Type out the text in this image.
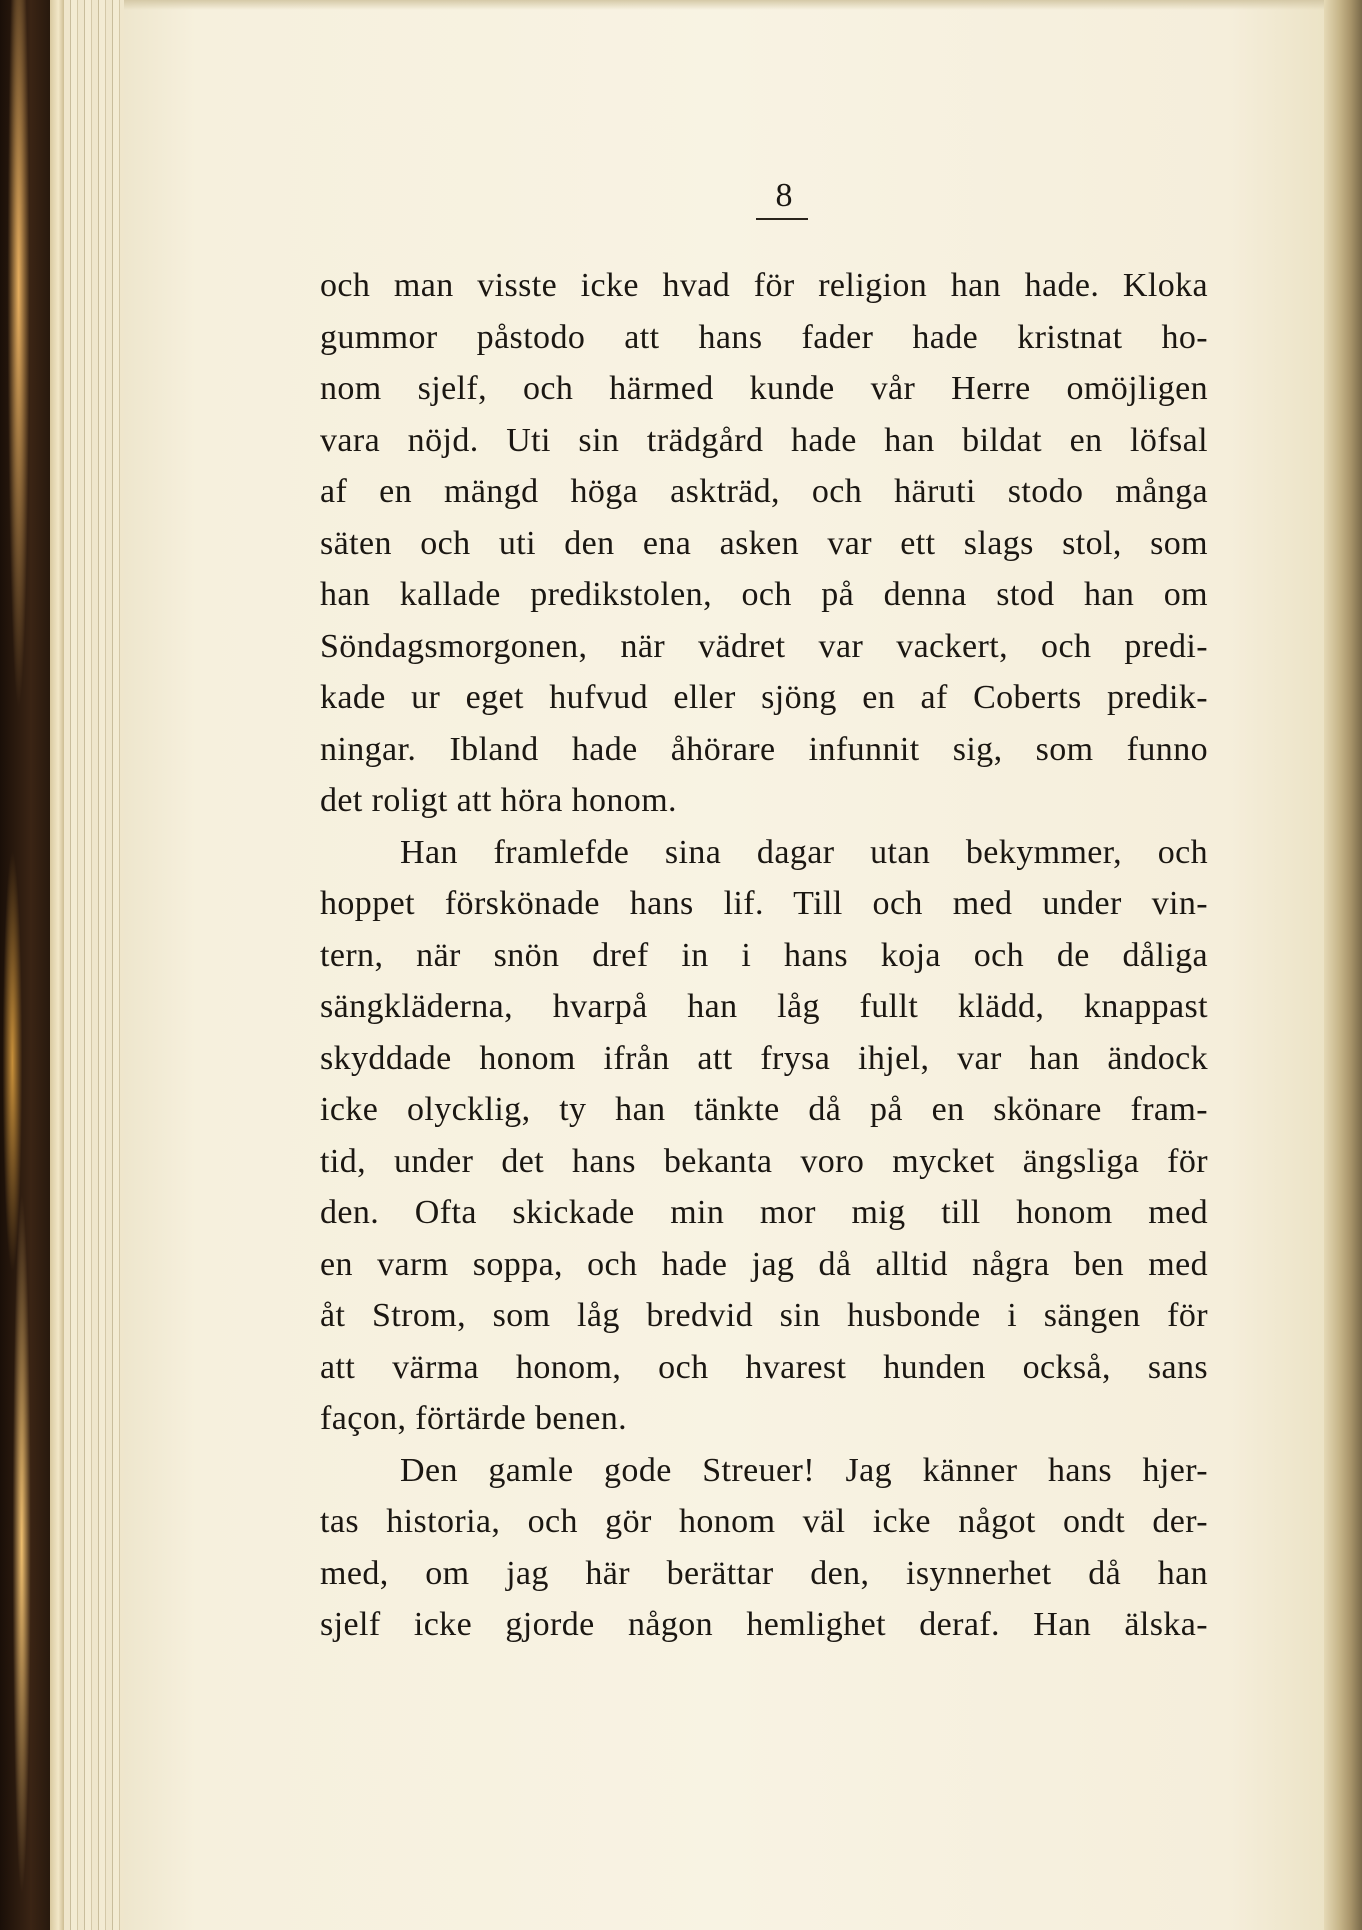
8
och man visste icke hvad för religion han hade. Kloka
gummor påstodo att hans fader hade kristnat ho-
nom sjelf, och härmed kunde vår Herre omöjligen
vara nöjd. Uti sin trädgård hade han bildat en löfsal
af en mängd höga askträd, och häruti stodo många
säten och uti den ena asken var ett slags stol, som
han kallade predikstolen, och på denna stod han om
Söndagsmorgonen, när vädret var vackert, och predi-
kade ur eget hufvud eller sjöng en af Coberts predik-
ningar. Ibland hade åhörare infunnit sig, som funno
det roligt att höra honom.
Han framlefde sina dagar utan bekymmer, och
hoppet förskönade hans lif. Till och med under vin-
tern, när snön dref in i hans koja och de dåliga
sängkläderna, hvarpå han låg fullt klädd, knappast
skyddade honom ifrån att frysa ihjel, var han ändock
icke olycklig, ty han tänkte då på en skönare fram-
tid, under det hans bekanta voro mycket ängsliga för
den. Ofta skickade min mor mig till honom med
en varm soppa, och hade jag då alltid några ben med
åt Strom, som låg bredvid sin husbonde i sängen för
att värma honom, och hvarest hunden också, sans
façon, förtärde benen.
Den gamle gode Streuer! Jag känner hans hjer-
tas historia, och gör honom väl icke något ondt der-
med, om jag här berättar den, isynnerhet då han
sjelf icke gjorde någon hemlighet deraf. Han älska-
